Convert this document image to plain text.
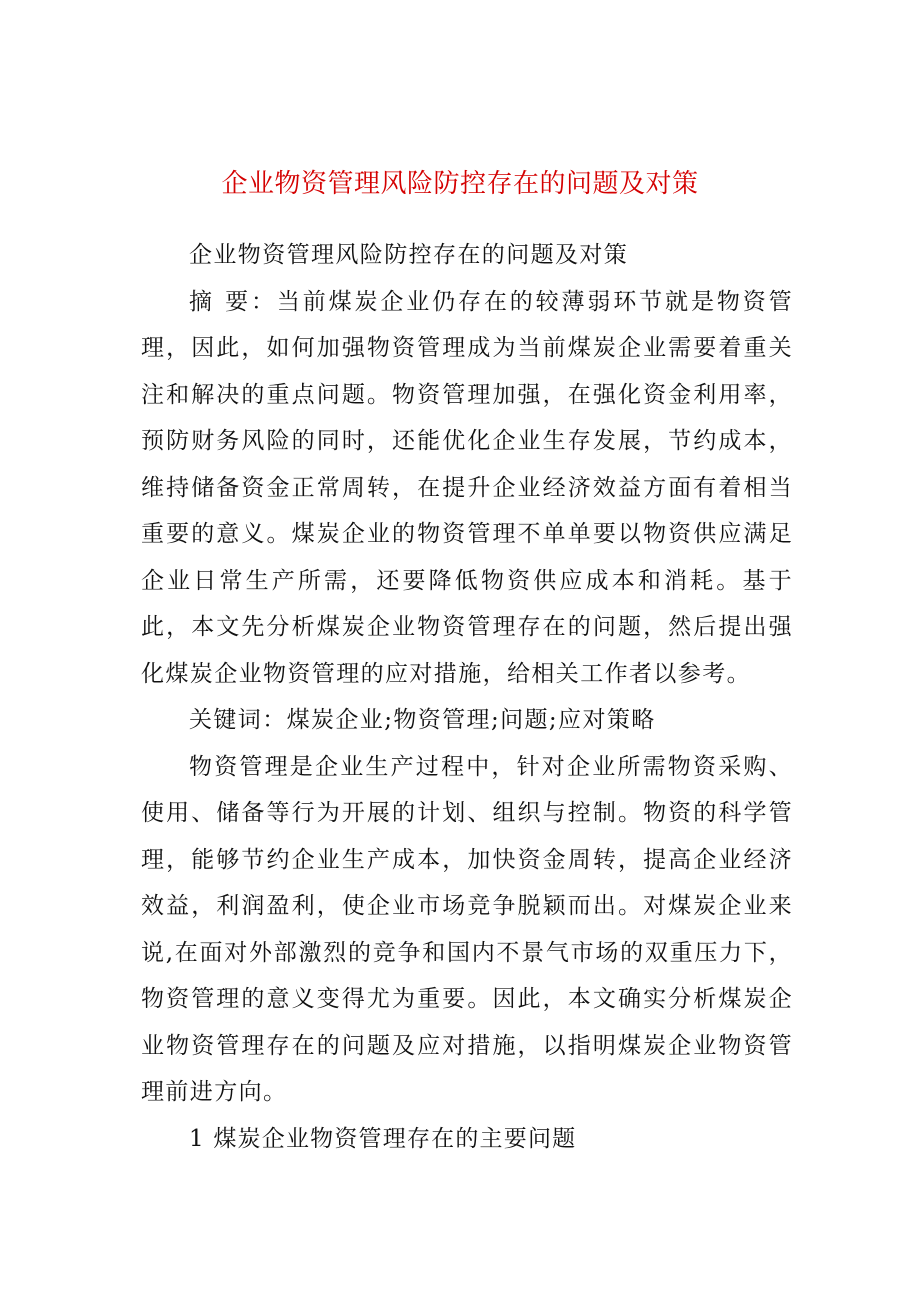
企业物资管理风险防控存在的问题及对策

企业物资管理风险防控存在的问题及对策

摘 要：当前煤炭企业仍存在的较薄弱环节就是物资管理，因此，如何加强物资管理成为当前煤炭企业需要着重关注和解决的重点问题。物资管理加强，在强化资金利用率，预防财务风险的同时，还能优化企业生存发展，节约成本，维持储备资金正常周转，在提升企业经济效益方面有着相当重要的意义。煤炭企业的物资管理不单单要以物资供应满足企业日常生产所需，还要降低物资供应成本和消耗。基于此，本文先分析煤炭企业物资管理存在的问题，然后提出强化煤炭企业物资管理的应对措施，给相关工作者以参考。

关键词：煤炭企业;物资管理;问题;应对策略

物资管理是企业生产过程中，针对企业所需物资采购、使用、储备等行为开展的计划、组织与控制。物资的科学管理，能够节约企业生产成本，加快资金周转，提高企业经济效益，利润盈利，使企业市场竞争脱颖而出。对煤炭企业来说,在面对外部激烈的竞争和国内不景气市场的双重压力下，物资管理的意义变得尤为重要。因此，本文确实分析煤炭企业物资管理存在的问题及应对措施，以指明煤炭企业物资管理前进方向。

1 煤炭企业物资管理存在的主要问题
